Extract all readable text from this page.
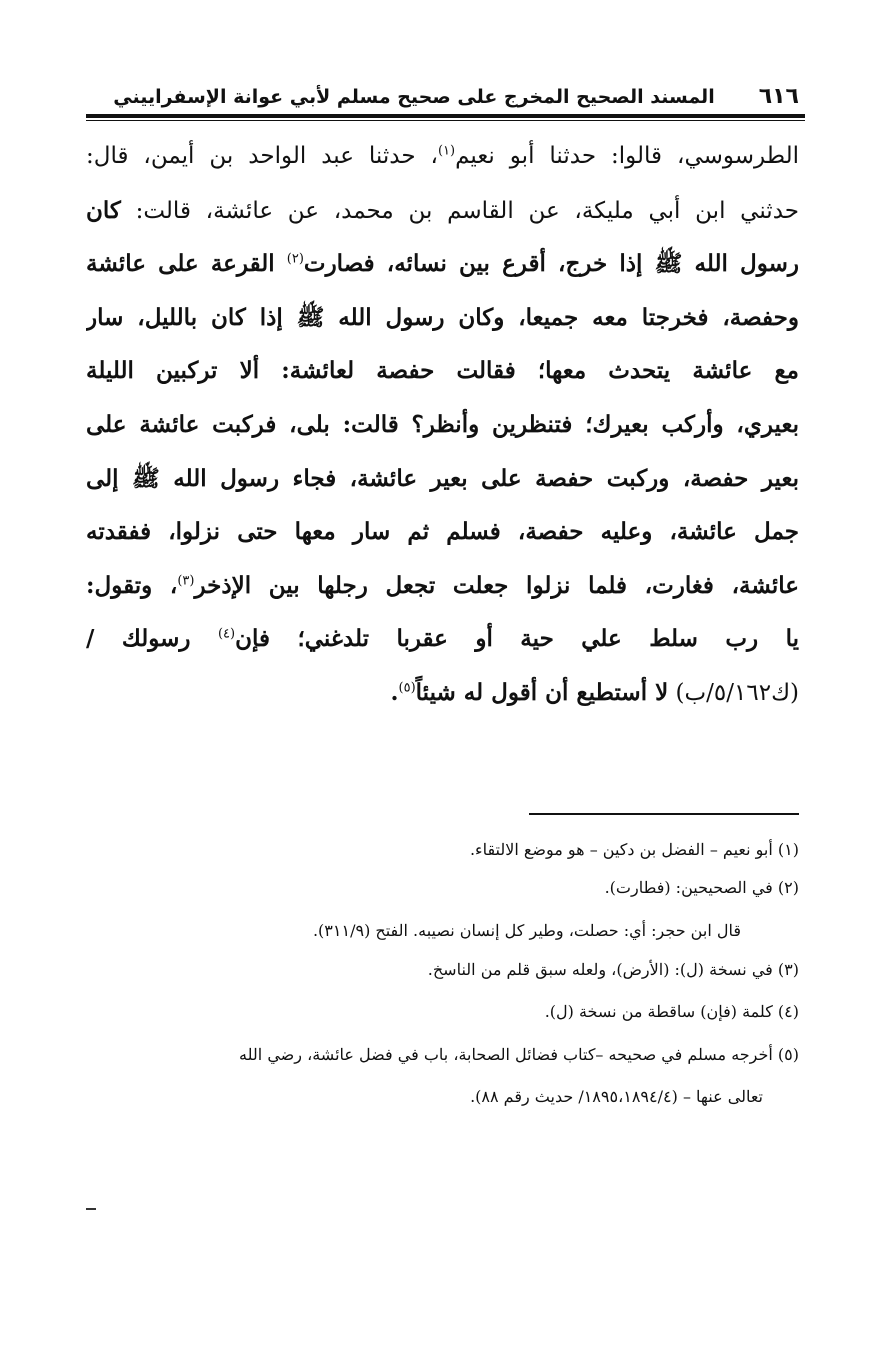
٦١٦
المسند الصحيح المخرج على صحيح مسلم لأبي عوانة الإسفراييني
الطرسوسي، قالوا: حدثنا أبو نعيم$^{(١)}$، حدثنا عبد الواحد بن أيمن، قال:
حدثني ابن أبي مليكة، عن القاسم بن محمد، عن عائشة، قالت: كان
رسول الله ﷺ إذا خرج، أقرع بين نسائه، فصارت$^{(٢)}$ القرعة على عائشة
وحفصة، فخرجتا معه جميعا، وكان رسول الله ﷺ إذا كان بالليل، سار
مع عائشة يتحدث معها؛ فقالت حفصة لعائشة: ألا تركبين الليلة
بعيري، وأركب بعيرك؛ فتنظرين وأنظر؟ قالت: بلى، فركبت عائشة على
بعير حفصة، وركبت حفصة على بعير عائشة، فجاء رسول الله ﷺ إلى
جمل عائشة، وعليه حفصة، فسلم ثم سار معها حتى نزلوا، ففقدته
عائشة، فغارت، فلما نزلوا جعلت تجعل رجلها بين الإذخر$^{(٣)}$، وتقول:
يا رب سلط علي حية أو عقربا تلدغني؛ فإن$^{(٤)}$ رسولك /
(ك٥/١٦٢/ب) لا أستطيع أن أقول له شيئاً$^{(٥)}$.
(١) أبو نعيم – الفضل بن دكين – هو موضع الالتقاء.
(٢) في الصحيحين: (فطارت).
قال ابن حجر: أي: حصلت، وطير كل إنسان نصيبه. الفتح (٣١١/٩).
(٣) في نسخة (ل): (الأرض)، ولعله سبق قلم من الناسخ.
(٤) كلمة (فإن) ساقطة من نسخة (ل).
(٥) أخرجه مسلم في صحيحه –كتاب فضائل الصحابة، باب في فضل عائشة، رضي الله
تعالى عنها – (١٨٩٥،١٨٩٤/٤/ حديث رقم ٨٨).
